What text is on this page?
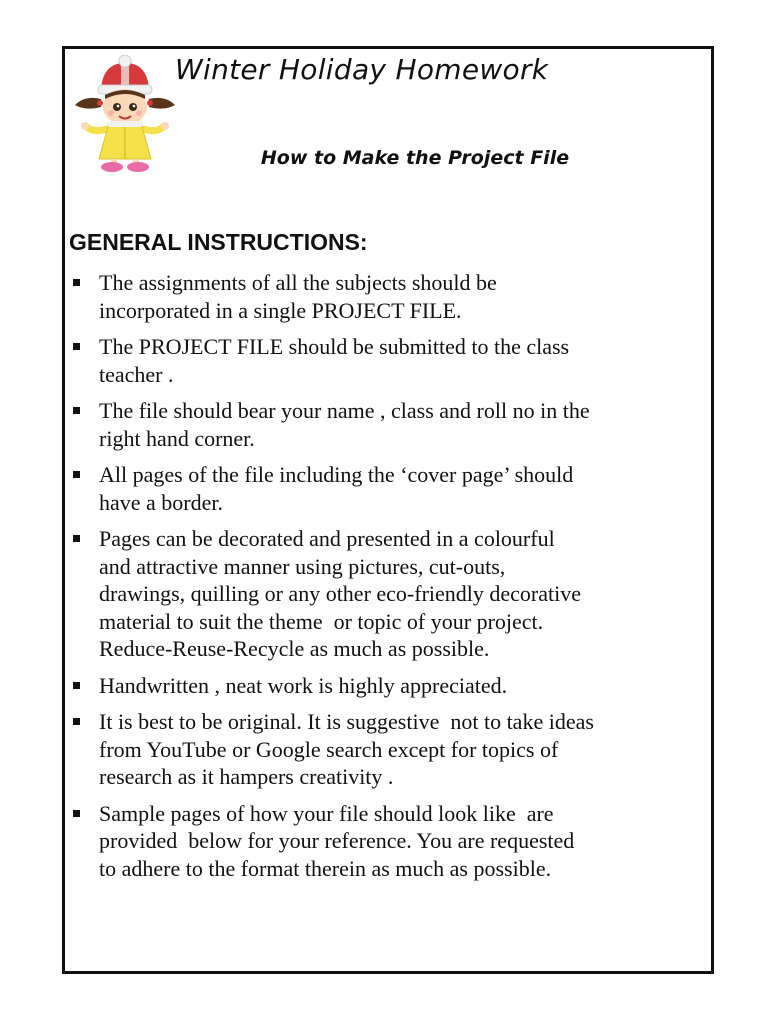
Winter Holiday Homework
How to Make the Project File
GENERAL INSTRUCTIONS:
The assignments of all the subjects should be
incorporated in a single PROJECT FILE.
The PROJECT FILE should be submitted to the class
teacher .
The file should bear your name , class and roll no in the
right hand corner.
All pages of the file including the ‘cover page’ should
have a border.
Pages can be decorated and presented in a colourful
and attractive manner using pictures, cut-outs,
drawings, quilling or any other eco-friendly decorative
material to suit the theme  or topic of your project.
Reduce-Reuse-Recycle as much as possible.
Handwritten , neat work is highly appreciated.
It is best to be original. It is suggestive  not to take ideas
from YouTube or Google search except for topics of
research as it hampers creativity .
Sample pages of how your file should look like  are
provided  below for your reference. You are requested
to adhere to the format therein as much as possible.
